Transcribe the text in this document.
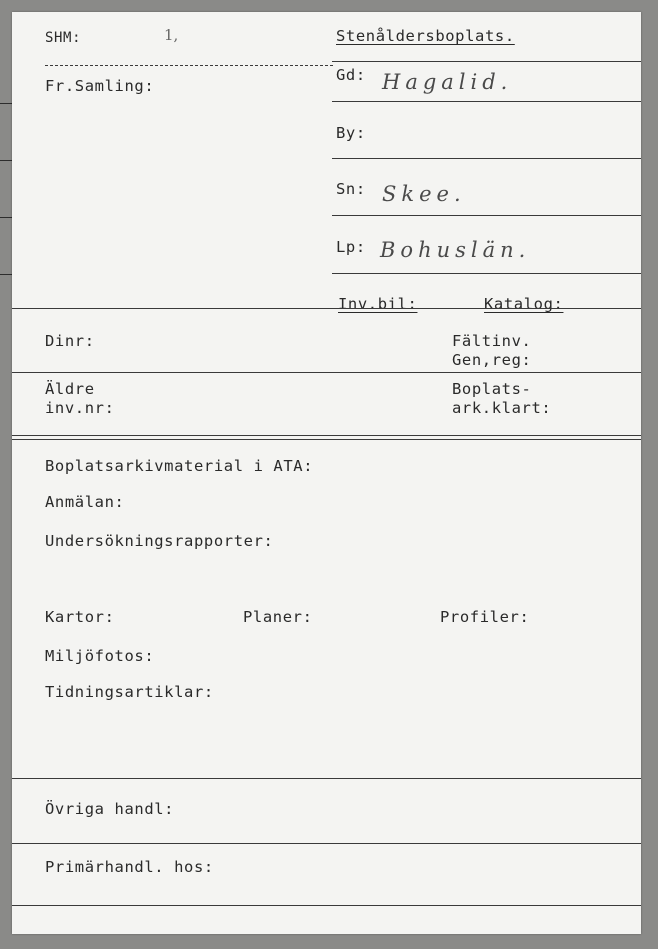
SHM:	1,
Fr.Samling:
Stenåldersboplats.
Gd: Hagalid.
By:
Sn: Skee.
Lp: Bohuslän.
Inv.bil:	Katalog:
Dinr:	Fältinv.
Gen,reg:
Äldre
inv.nr:
Boplats-
ark.klart:
Boplatsarkivmaterial i ATA:
Anmälan:
Undersökningsrapporter:
Kartor:	Planer:	Profiler:
Miljöfotos:
Tidningsartiklar:
Övriga handl:
Primärhandl. hos:
